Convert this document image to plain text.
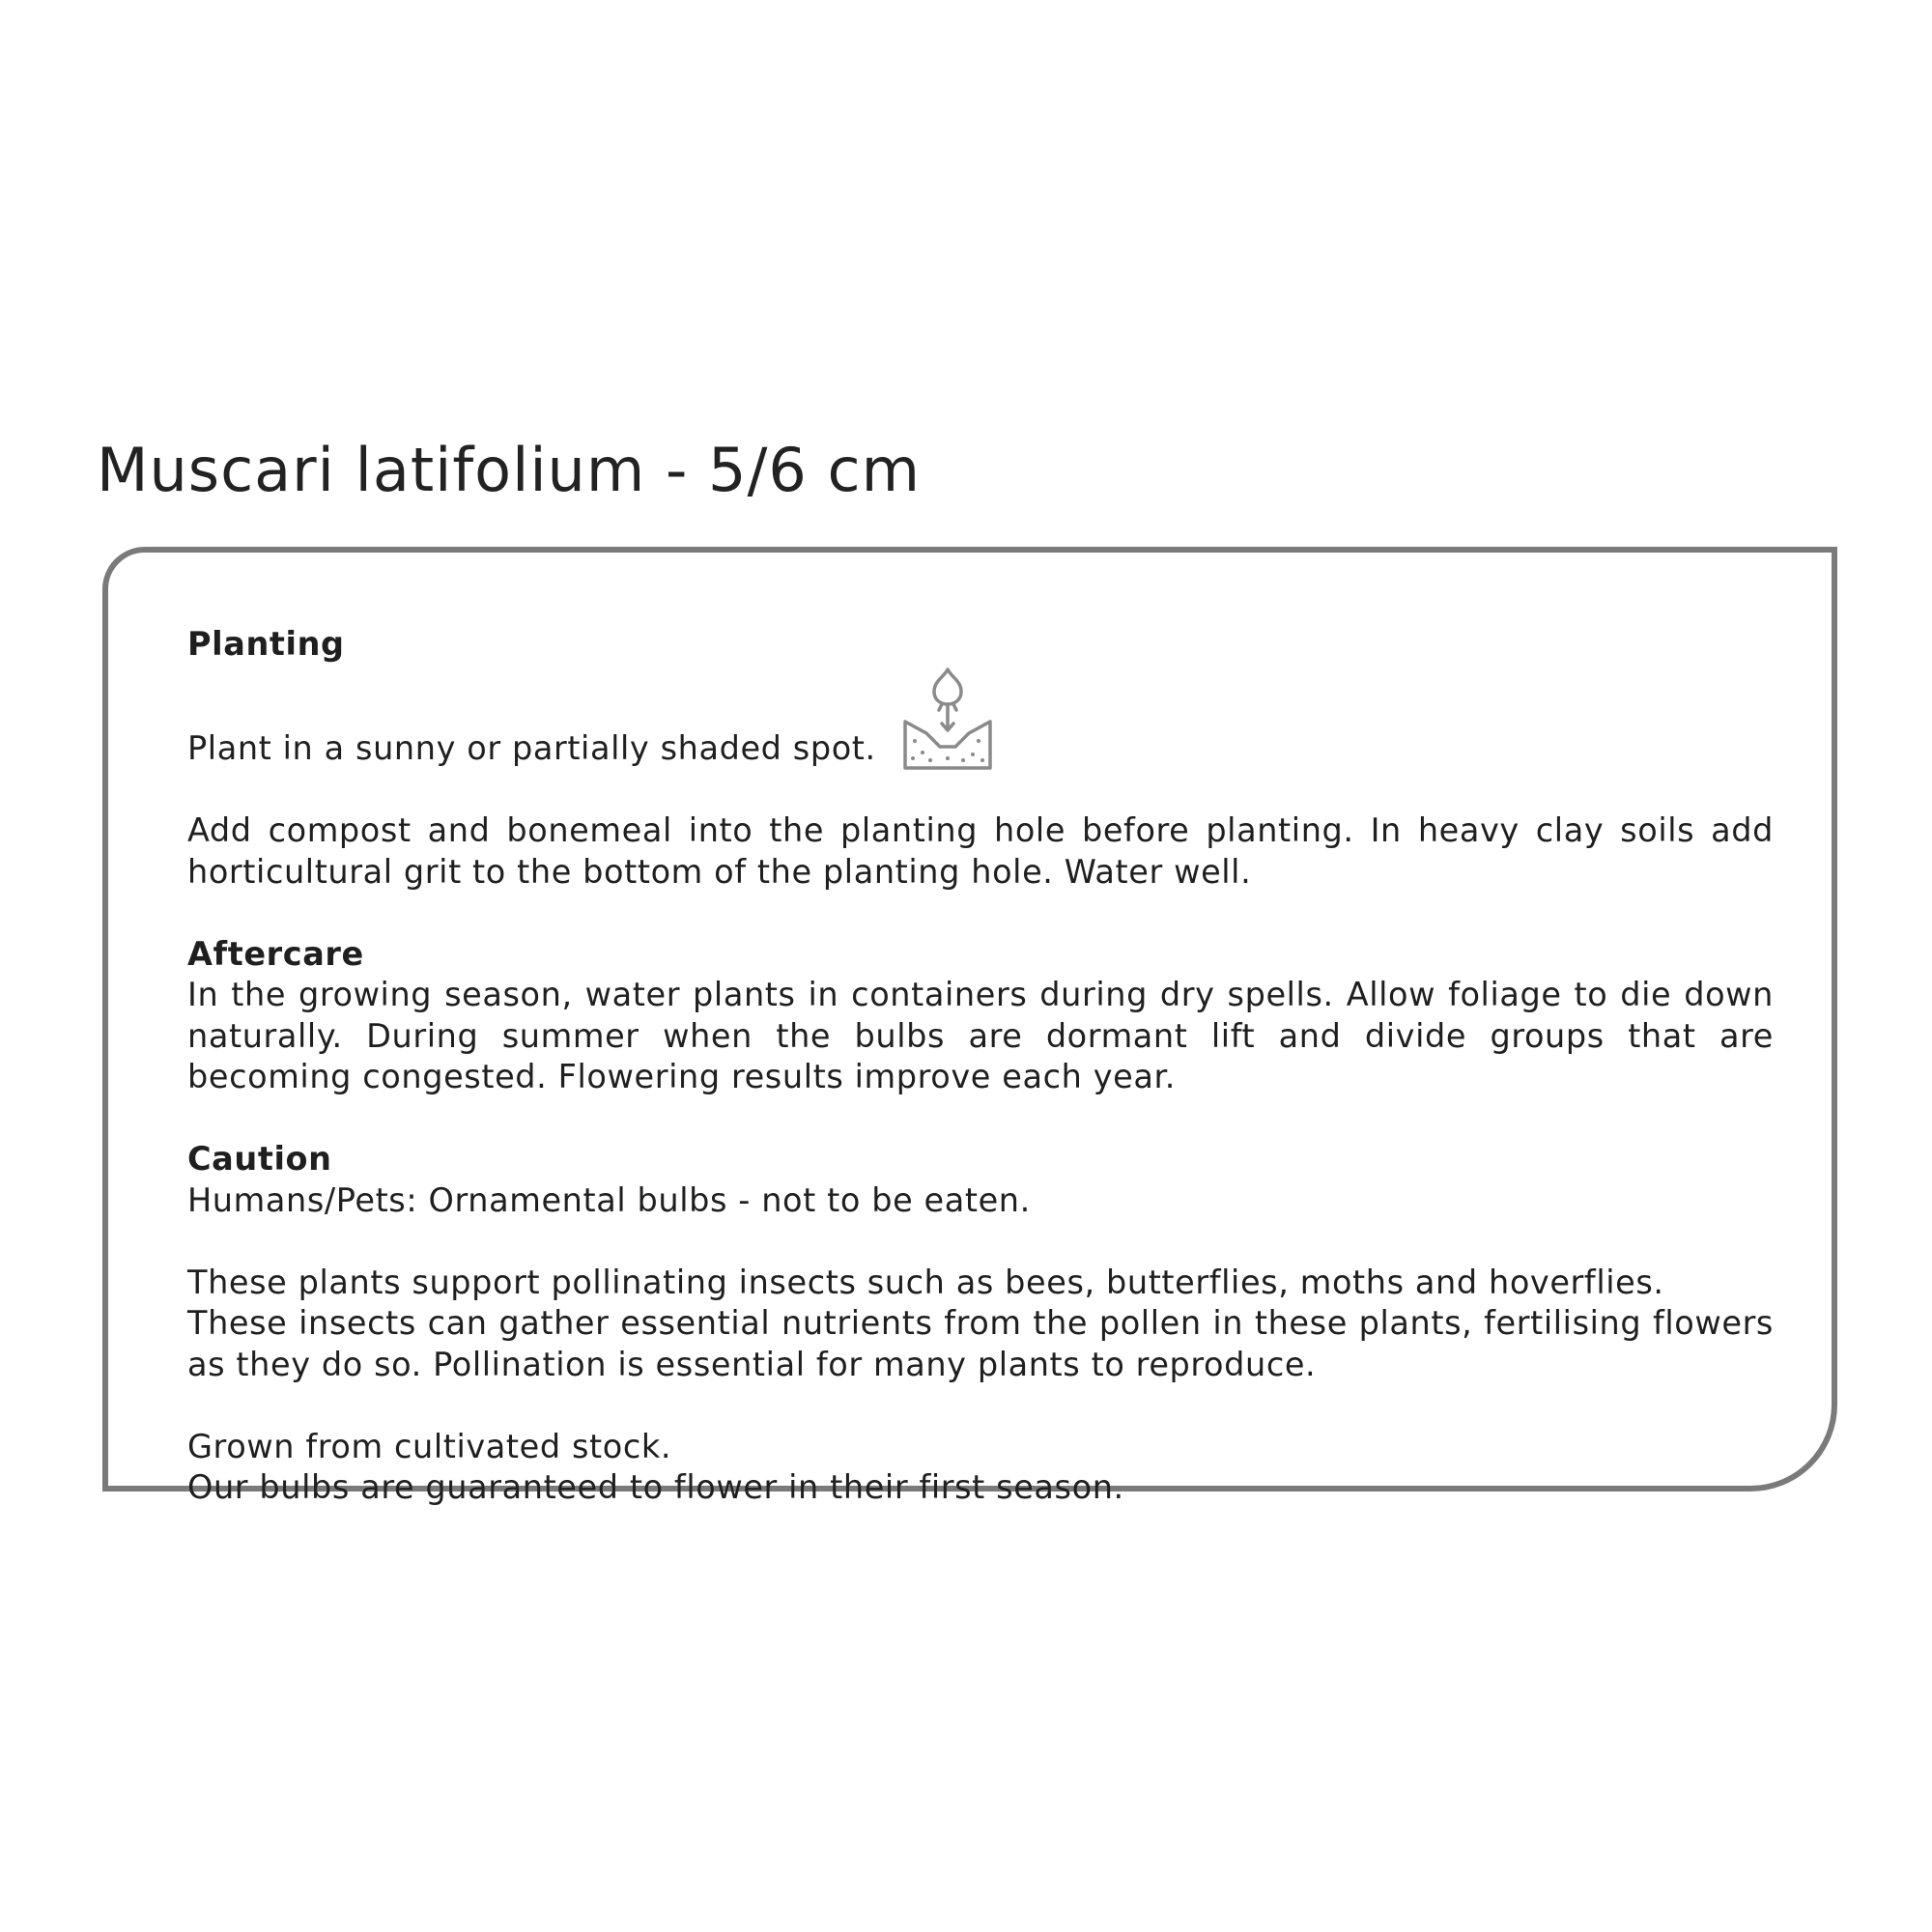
Muscari latifolium - 5/6 cm
Planting
Plant in a sunny or partially shaded spot.
Add compost and bonemeal into the planting hole before planting. In heavy clay soils add horticultural grit to the bottom of the planting hole. Water well.
Aftercare
In the growing season, water plants in containers during dry spells. Allow foliage to die down naturally. During summer when the bulbs are dormant lift and divide groups that are becoming congested. Flowering results improve each year.
Caution
Humans/Pets: Ornamental bulbs - not to be eaten.
These plants support pollinating insects such as bees, butterflies, moths and hoverflies.
These insects can gather essential nutrients from the pollen in these plants, fertilising flowers as they do so. Pollination is essential for many plants to reproduce.
Grown from cultivated stock.
Our bulbs are guaranteed to flower in their first season.
